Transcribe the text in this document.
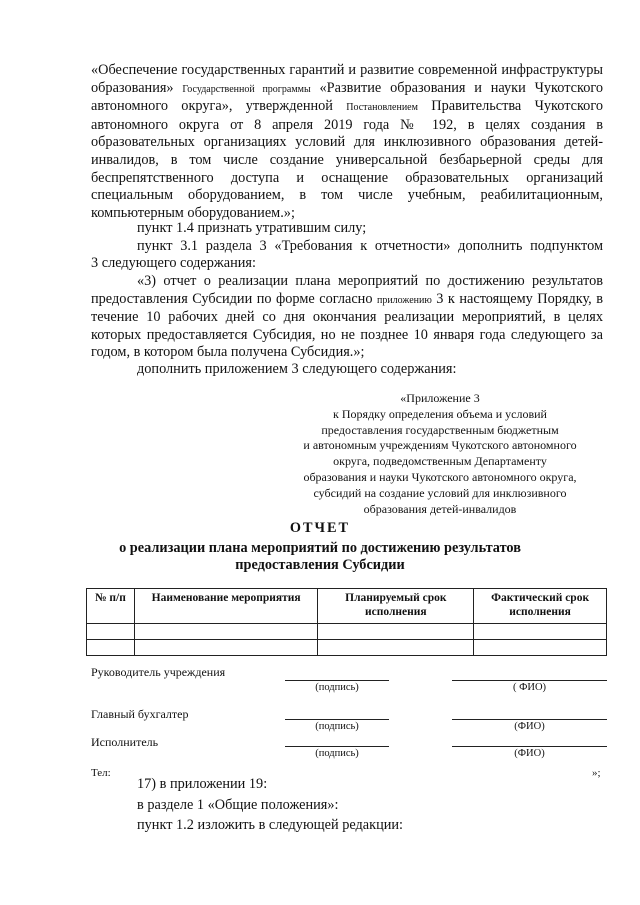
«Обеспечение государственных гарантий и развитие современной инфраструктуры образования» Государственной программы «Развитие образования и науки Чукотского автономного округа», утвержденной Постановлением Правительства Чукотского автономного округа от 8 апреля 2019 года № 192, в целях создания в образовательных организациях условий для инклюзивного образования детей-инвалидов, в том числе создание универсальной безбарьерной среды для беспрепятственного доступа и оснащение образовательных организаций специальным оборудованием, в том числе учебным, реабилитационным, компьютерным оборудованием.»;
пункт 1.4 признать утратившим силу;
пункт 3.1 раздела 3 «Требования к отчетности» дополнить подпунктом
3 следующего содержания:
«3) отчет о реализации плана мероприятий по достижению результатов предоставления Субсидии по форме согласно приложению 3 к настоящему Порядку, в течение 10 рабочих дней со дня окончания реализации мероприятий, в целях которых предоставляется Субсидия, но не позднее 10 января года следующего за годом, в котором была получена Субсидия.»;
дополнить приложением 3 следующего содержания:
«Приложение 3
к Порядку определения объема и условий
предоставления государственным бюджетным
и автономным учреждениям Чукотского автономного
округа, подведомственным Департаменту
образования и науки Чукотского автономного округа,
субсидий на создание условий для инклюзивного
образования детей-инвалидов
ОТЧЕТ
о реализации плана мероприятий по достижению результатов
предоставления Субсидии
№ п/п	Наименование мероприятия	Планируемый срок исполнения	Фактический срок исполнения

Руководитель учреждения
(подпись)	( ФИО)
Главный бухгалтер
(подпись)	(ФИО)
Исполнитель
(подпись)	(ФИО)
Тел:	»;
17) в приложении 19:
в разделе 1 «Общие положения»:
пункт 1.2 изложить в следующей редакции:
